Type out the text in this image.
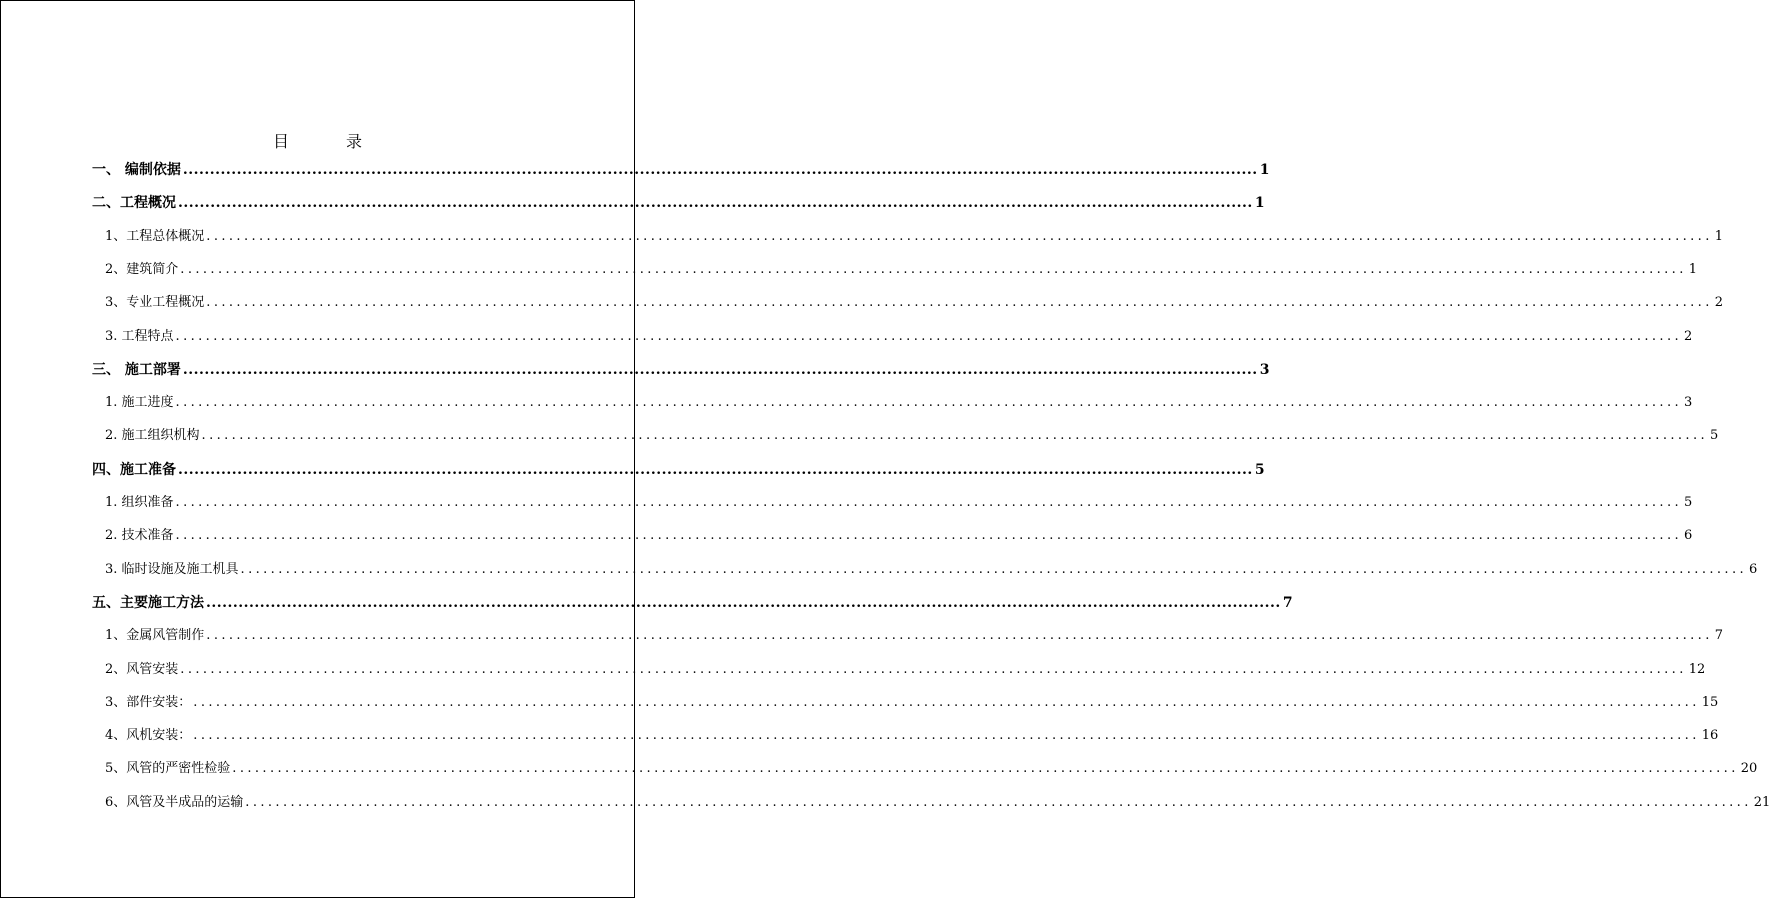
目 录
一、 编制依据 ........................................................................................................................................................................................................ 1
二、工程概况 ........................................................................................................................................................................................................ 1
1、工程总体概况 ........................................................................................................................................................................................................ 1
2、建筑简介 ........................................................................................................................................................................................................ 1
3、专业工程概况 ........................................................................................................................................................................................................ 2
3. 工程特点 ........................................................................................................................................................................................................ 2
三、 施工部署 ........................................................................................................................................................................................................ 3
1. 施工进度 ........................................................................................................................................................................................................ 3
2. 施工组织机构 ........................................................................................................................................................................................................ 5
四、施工准备 ........................................................................................................................................................................................................ 5
1. 组织准备 ........................................................................................................................................................................................................ 5
2. 技术准备 ........................................................................................................................................................................................................ 6
3. 临时设施及施工机具 ........................................................................................................................................................................................................ 6
五、主要施工方法 ........................................................................................................................................................................................................ 7
1、金属风管制作 ........................................................................................................................................................................................................ 7
2、风管安装 ........................................................................................................................................................................................................ 12
3、部件安装： ........................................................................................................................................................................................................ 15
4、风机安装： ........................................................................................................................................................................................................ 16
5、风管的严密性检验 ........................................................................................................................................................................................................ 20
6、风管及半成品的运输 ........................................................................................................................................................................................................ 21
